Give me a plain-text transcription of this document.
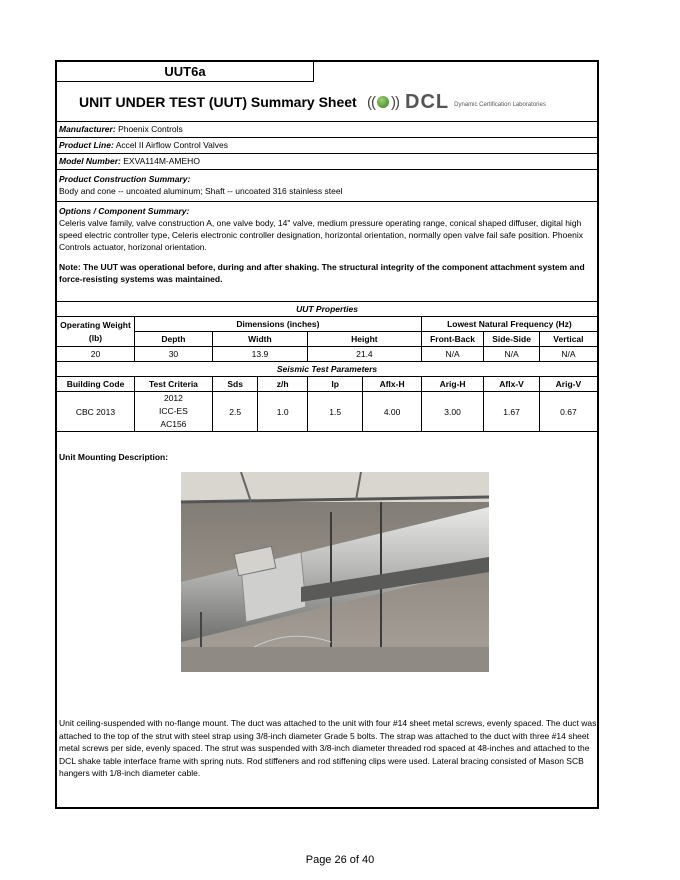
UUT6a
UNIT UNDER TEST (UUT) Summary Sheet (( )) DCL Dynamic Certification Laboratories
Manufacturer: Phoenix Controls
Product Line: Accel II Airflow Control Valves
Model Number: EXVA114M-AMEHO
Product Construction Summary:
Body and cone -- uncoated aluminum; Shaft -- uncoated 316 stainless steel
Options / Component Summary:
Celeris valve family, valve construction A, one valve body, 14" valve, medium pressure operating range, conical shaped diffuser, digital high speed electric controller type, Celeris electronic controller designation, horizontal orientation, normally open valve fail safe position. Phoenix Controls actuator, horizonal orientation.
Note: The UUT was operational before, during and after shaking. The structural integrity of the component attachment system and force-resisting systems was maintained.
UUT Properties								

Operating Weight
(lb)	Dimensions (inches)					Lowest Natural Frequency (Hz)		
	Depth	Width		Height		Front-Back	Side-Side	Vertical
20	30	13.9		21.4		N/A	N/A	N/A
Seismic Test Parameters								
Building Code	Test Criteria	Sds	z/h	Ip	Aflx-H	Arig-H	Aflx-V	Arig-V
CBC 2013	2012 ICC-ES AC156	2.5	1.0	1.5	4.00	3.00	1.67	0.67
Unit Mounting Description:
Unit ceiling-suspended with no-flange mount. The duct was attached to the unit with four #14 sheet metal screws, evenly spaced. The duct was attached to the top of the strut with steel strap using 3/8-inch diameter Grade 5 bolts. The strap was attached to the duct with three #14 sheet metal screws per side, evenly spaced. The strut was suspended with 3/8-inch diameter threaded rod spaced at 48-inches and attached to the DCL shake table interface frame with spring nuts. Rod stiffeners and rod stiffening clips were used. Lateral bracing consisted of Mason SCB hangers with 1/8-inch diameter cable.
Page 26 of 40
